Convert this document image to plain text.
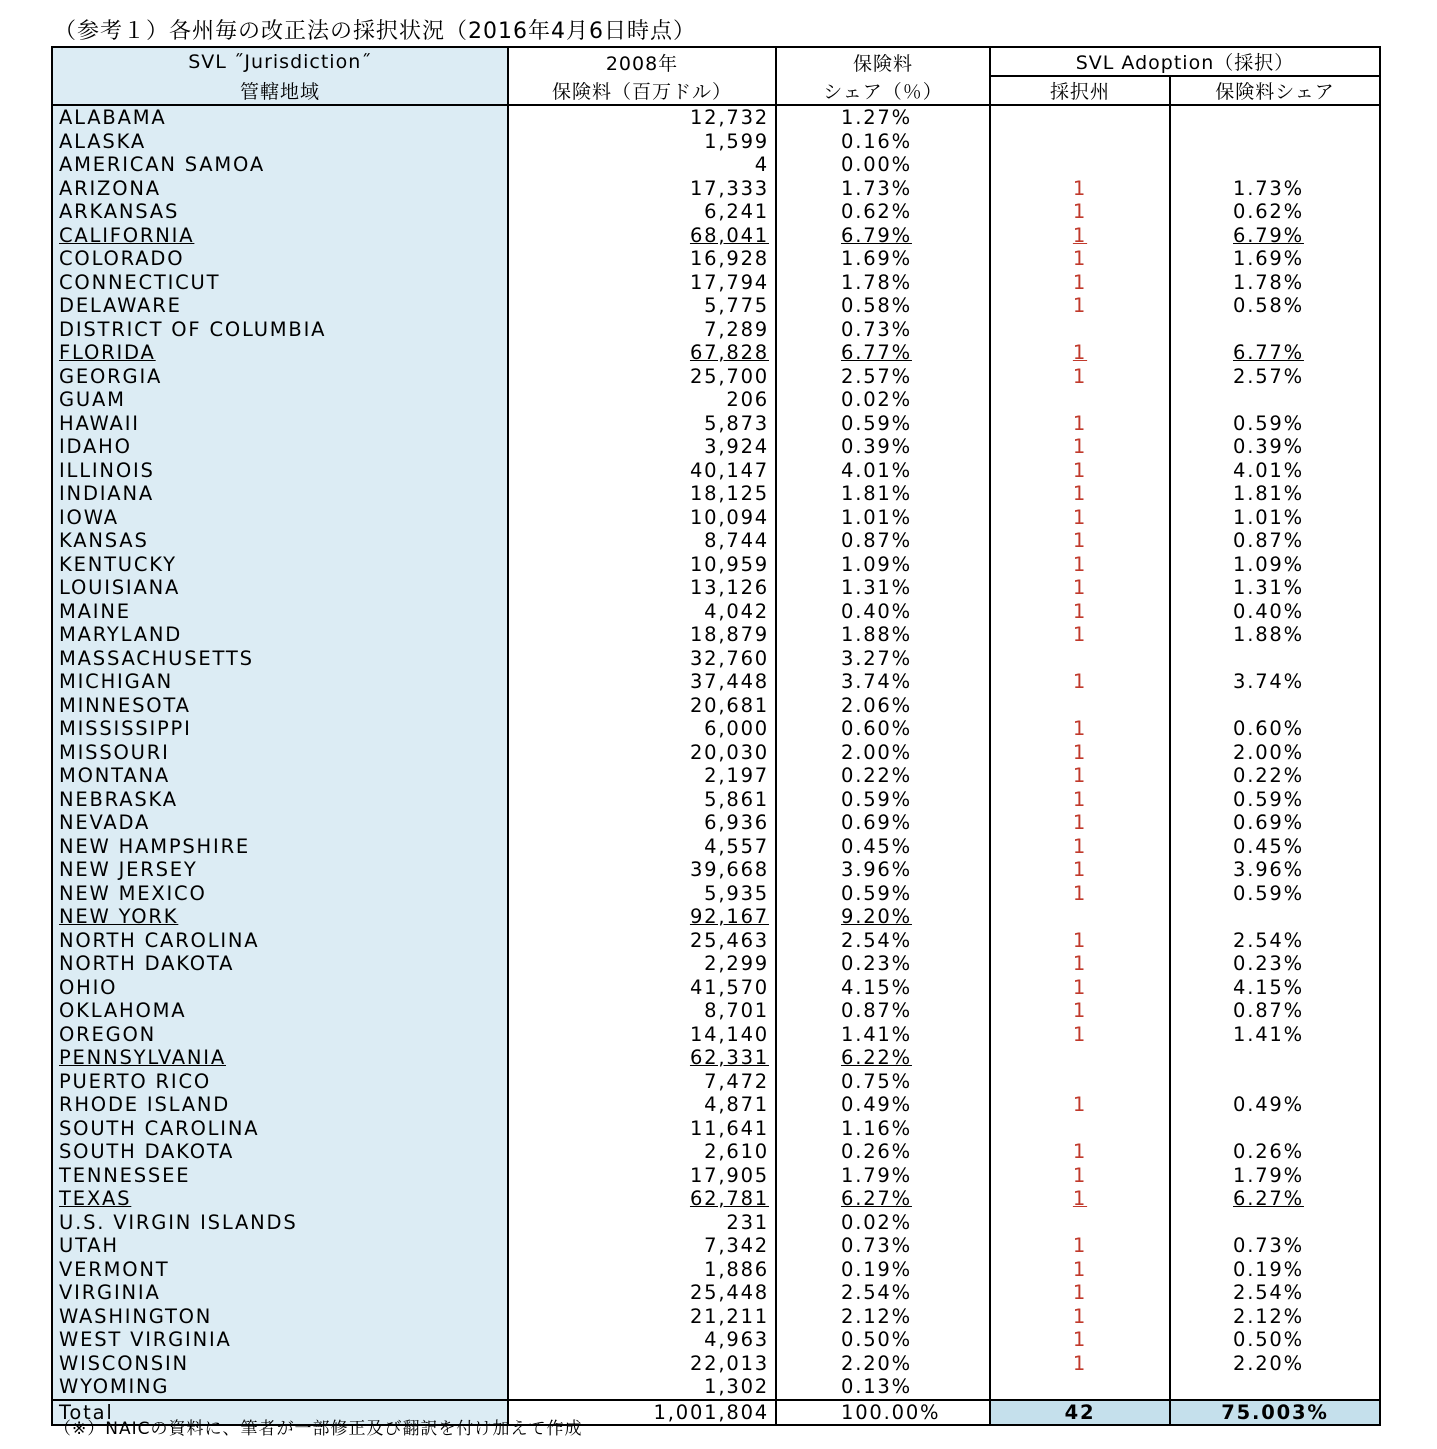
（参考１）各州毎の改正法の採択状況（2016年4月6日時点）
SVL ˝Jurisdiction˝	2008年	保険料	SVL Adoption（採択）	
管轄地域	保険料（百万ドル）	シェア（％）	採択州	保険料シェア
ALABAMA	12,732	1.27%		
ALASKA	1,599	0.16%		
AMERICAN SAMOA	4	0.00%		
ARIZONA	17,333	1.73%	1	1.73%
ARKANSAS	6,241	0.62%	1	0.62%
CALIFORNIA	68,041	6.79%	1	6.79%
COLORADO	16,928	1.69%	1	1.69%
CONNECTICUT	17,794	1.78%	1	1.78%
DELAWARE	5,775	0.58%	1	0.58%
DISTRICT OF COLUMBIA	7,289	0.73%		
FLORIDA	67,828	6.77%	1	6.77%
GEORGIA	25,700	2.57%	1	2.57%
GUAM	206	0.02%		
HAWAII	5,873	0.59%	1	0.59%
IDAHO	3,924	0.39%	1	0.39%
ILLINOIS	40,147	4.01%	1	4.01%
INDIANA	18,125	1.81%	1	1.81%
IOWA	10,094	1.01%	1	1.01%
KANSAS	8,744	0.87%	1	0.87%
KENTUCKY	10,959	1.09%	1	1.09%
LOUISIANA	13,126	1.31%	1	1.31%
MAINE	4,042	0.40%	1	0.40%
MARYLAND	18,879	1.88%	1	1.88%
MASSACHUSETTS	32,760	3.27%		
MICHIGAN	37,448	3.74%	1	3.74%
MINNESOTA	20,681	2.06%		
MISSISSIPPI	6,000	0.60%	1	0.60%
MISSOURI	20,030	2.00%	1	2.00%
MONTANA	2,197	0.22%	1	0.22%
NEBRASKA	5,861	0.59%	1	0.59%
NEVADA	6,936	0.69%	1	0.69%
NEW HAMPSHIRE	4,557	0.45%	1	0.45%
NEW JERSEY	39,668	3.96%	1	3.96%
NEW MEXICO	5,935	0.59%	1	0.59%
NEW YORK	92,167	9.20%		
NORTH CAROLINA	25,463	2.54%	1	2.54%
NORTH DAKOTA	2,299	0.23%	1	0.23%
OHIO	41,570	4.15%	1	4.15%
OKLAHOMA	8,701	0.87%	1	0.87%
OREGON	14,140	1.41%	1	1.41%
PENNSYLVANIA	62,331	6.22%		
PUERTO RICO	7,472	0.75%		
RHODE ISLAND	4,871	0.49%	1	0.49%
SOUTH CAROLINA	11,641	1.16%		
SOUTH DAKOTA	2,610	0.26%	1	0.26%
TENNESSEE	17,905	1.79%	1	1.79%
TEXAS	62,781	6.27%	1	6.27%
U.S. VIRGIN ISLANDS	231	0.02%		
UTAH	7,342	0.73%	1	0.73%
VERMONT	1,886	0.19%	1	0.19%
VIRGINIA	25,448	2.54%	1	2.54%
WASHINGTON	21,211	2.12%	1	2.12%
WEST VIRGINIA	4,963	0.50%	1	0.50%
WISCONSIN	22,013	2.20%	1	2.20%
WYOMING	1,302	0.13%		
Total	1,001,804	100.00%	42	75.003%
（※）NAICの資料に、筆者が一部修正及び翻訳を付け加えて作成
